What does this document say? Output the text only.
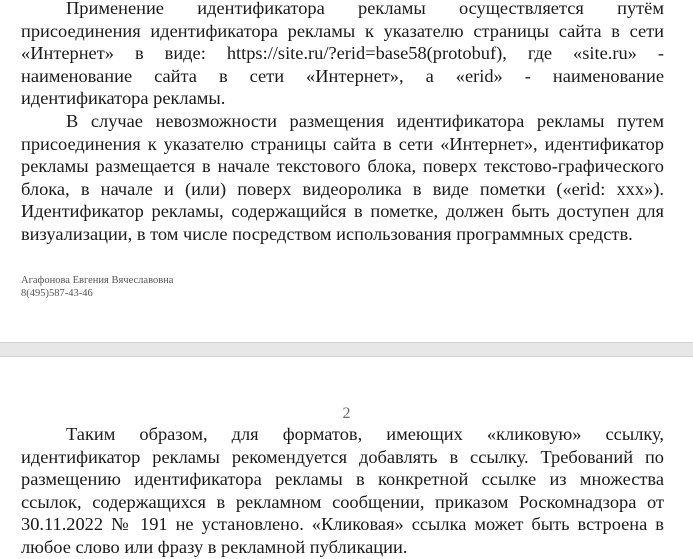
Применение идентификатора рекламы осуществляется путём
присоединения идентификатора рекламы к указателю страницы сайта в сети
«Интернет» в виде: https://site.ru/?erid=base58(protobuf), где «site.ru» -
наименование сайта в сети «Интернет», а «erid» - наименование
идентификатора рекламы.
В случае невозможности размещения идентификатора рекламы путем
присоединения к указателю страницы сайта в сети «Интернет», идентификатор
рекламы размещается в начале текстового блока, поверх текстово-графического
блока, в начале и (или) поверх видеоролика в виде пометки («erid: ххх»).
Идентификатор рекламы, содержащийся в пометке, должен быть доступен для
визуализации, в том числе посредством использования программных средств.
Агафонова Евгения Вячеславовна
8(495)587-43-46
2
Таким образом, для форматов, имеющих «кликовую» ссылку,
идентификатор рекламы рекомендуется добавлять в ссылку. Требований по
размещению идентификатора рекламы в конкретной ссылке из множества
ссылок, содержащихся в рекламном сообщении, приказом Роскомнадзора от
30.11.2022 № 191 не установлено. «Кликовая» ссылка может быть встроена в
любое слово или фразу в рекламной публикации.
